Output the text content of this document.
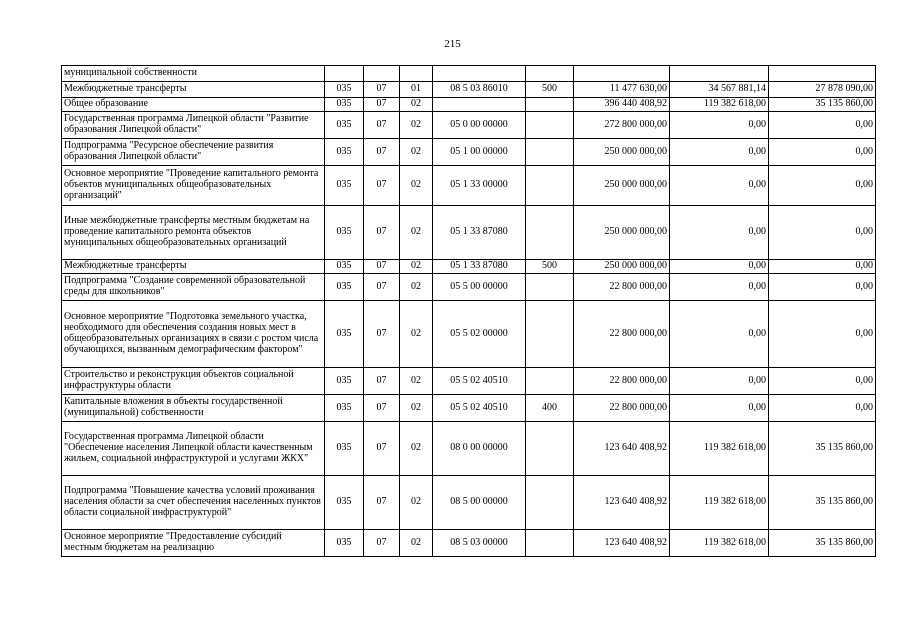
215
муниципальной собственности								
Межбюджетные трансферты	035	07	01	08 5 03 86010	500	11 477 630,00	34 567 881,14	27 878 090,00
Общее образование	035	07	02			396 440 408,92	119 382 618,00	35 135 860,00
Государственная программа Липецкой области "Развитие образования Липецкой области"	035	07	02	05 0 00 00000		272 800 000,00	0,00	0,00
Подпрограмма "Ресурсное обеспечение развития образования Липецкой области"	035	07	02	05 1 00 00000		250 000 000,00	0,00	0,00
Основное мероприятие "Проведение капитального ремонта объектов муниципальных общеобразовательных организаций"	035	07	02	05 1 33 00000		250 000 000,00	0,00	0,00
Иные межбюджетные трансферты местным бюджетам на проведение капитального ремонта объектов муниципальных общеобразовательных организаций	035	07	02	05 1 33 87080		250 000 000,00	0,00	0,00
Межбюджетные трансферты	035	07	02	05 1 33 87080	500	250 000 000,00	0,00	0,00
Подпрограмма "Создание современной образовательной среды для школьников"	035	07	02	05 5 00 00000		22 800 000,00	0,00	0,00
Основное мероприятие "Подготовка земельного участка, необходимого для обеспечения создания новых мест в общеобразовательных организациях в связи с ростом числа обучающихся, вызванным демографическим фактором"	035	07	02	05 5 02 00000		22 800 000,00	0,00	0,00
Строительство и реконструкция объектов социальной инфраструктуры области	035	07	02	05 5 02 40510		22 800 000,00	0,00	0,00
Капитальные вложения в объекты государственной (муниципальной) собственности	035	07	02	05 5 02 40510	400	22 800 000,00	0,00	0,00
Государственная программа Липецкой области "Обеспечение населения Липецкой области качественным жильем, социальной инфраструктурой и услугами ЖКХ"	035	07	02	08 0 00 00000		123 640 408,92	119 382 618,00	35 135 860,00
Подпрограмма "Повышение качества условий проживания населения области за счет обеспечения населенных пунктов области социальной инфраструктурой"	035	07	02	08 5 00 00000		123 640 408,92	119 382 618,00	35 135 860,00
Основное мероприятие "Предоставление субсидий местным бюджетам на реализацию	035	07	02	08 5 03 00000		123 640 408,92	119 382 618,00	35 135 860,00
